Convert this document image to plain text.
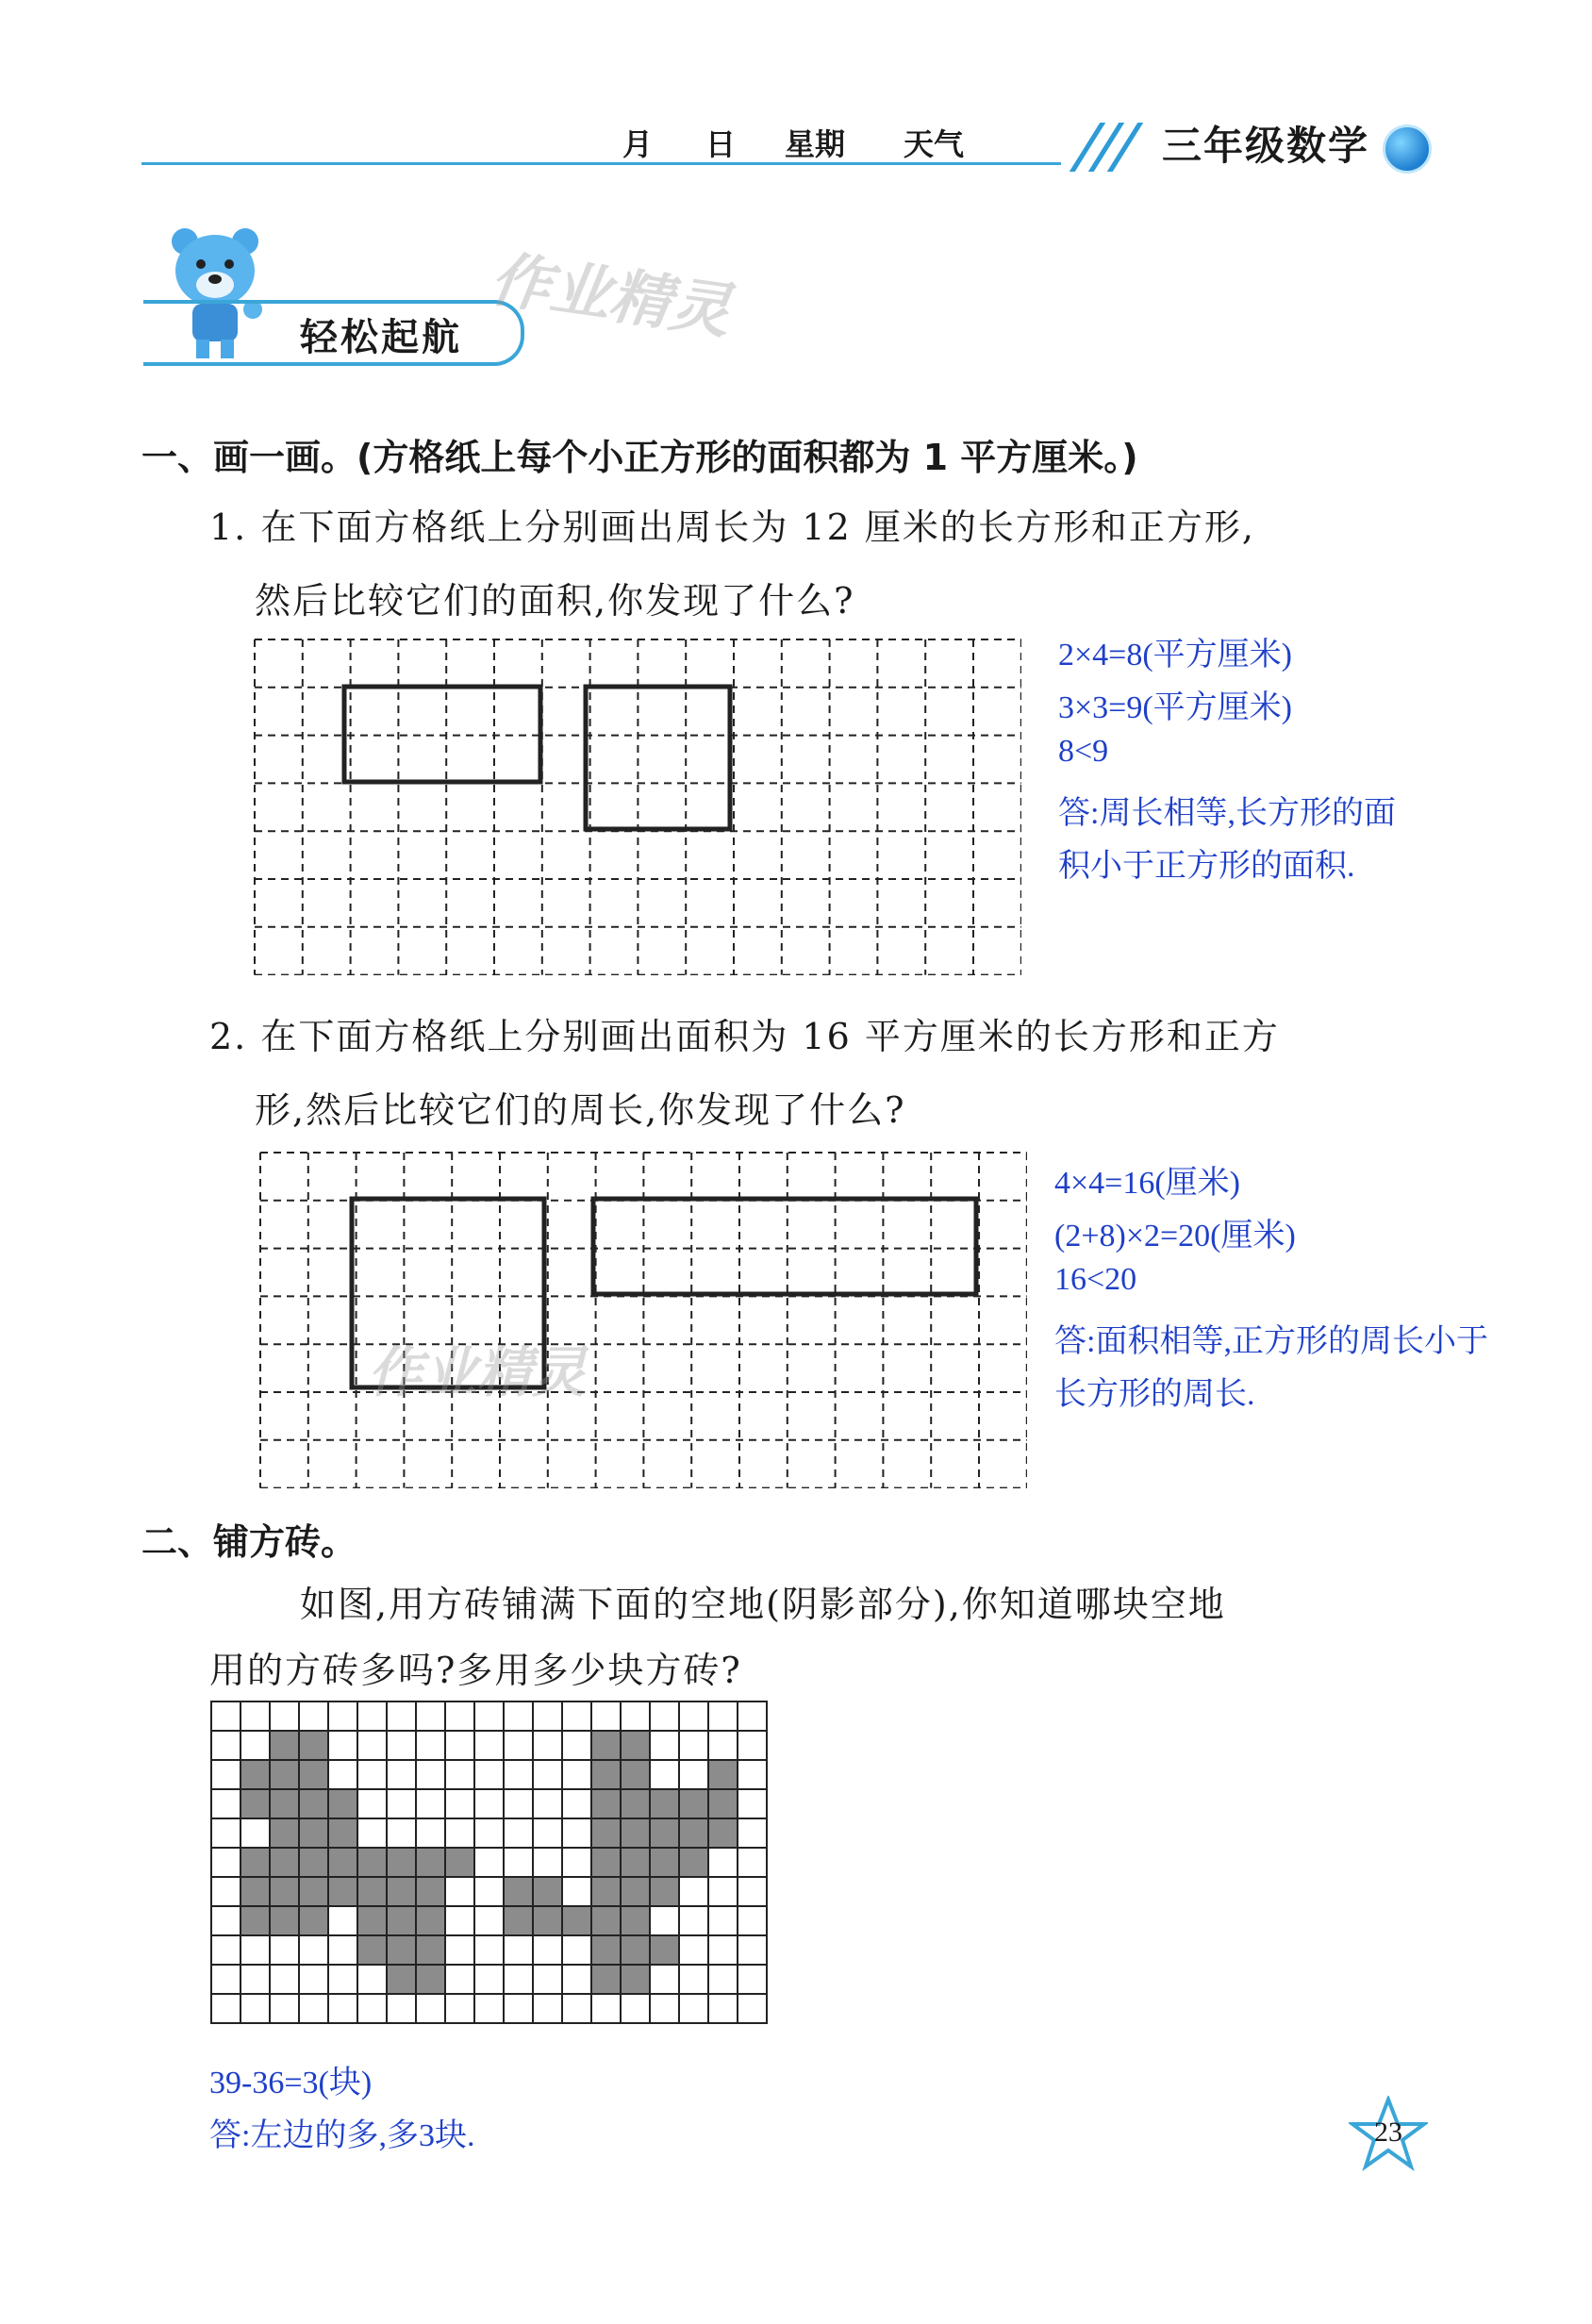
月 日 星期 天气	三年级数学
轻松起航 作业精灵
一、画一画。(方格纸上每个小正方形的面积都为 1 平方厘米。)
1. 在下面方格纸上分别画出周长为 12 厘米的长方形和正方形,
然后比较它们的面积,你发现了什么?
2×4=8(平方厘米)
3×3=9(平方厘米)
8<9
答:周长相等,长方形的面
积小于正方形的面积.
2. 在下面方格纸上分别画出面积为 16 平方厘米的长方形和正方
形,然后比较它们的周长,你发现了什么?
作业精灵
4×4=16(厘米)
(2+8)×2=20(厘米)
16<20
答:面积相等,正方形的周长小于
长方形的周长.
二、铺方砖。
如图,用方砖铺满下面的空地(阴影部分),你知道哪块空地
用的方砖多吗?多用多少块方砖?
39-36=3(块)
答:左边的多,多3块.	23
